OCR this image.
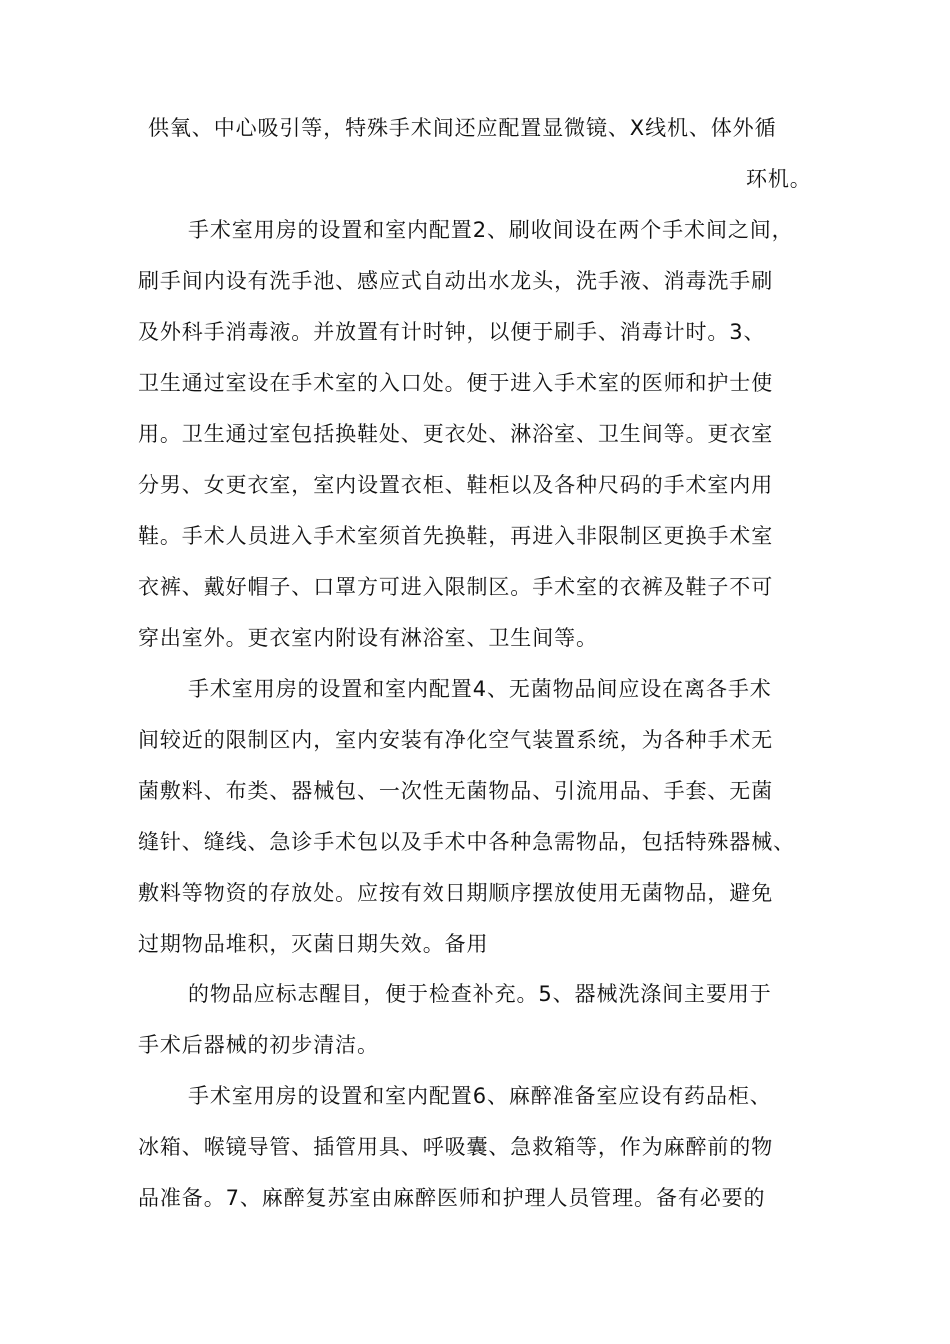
供氧、中心吸引等，特殊手术间还应配置显微镜、X线机、体外循
环机。
手术室用房的设置和室内配置2、刷收间设在两个手术间之间，
刷手间内设有洗手池、感应式自动出水龙头，洗手液、消毒洗手刷
及外科手消毒液。并放置有计时钟，以便于刷手、消毒计时。3、
卫生通过室设在手术室的入口处。便于进入手术室的医师和护士使
用。卫生通过室包括换鞋处、更衣处、淋浴室、卫生间等。更衣室
分男、女更衣室，室内设置衣柜、鞋柜以及各种尺码的手术室内用
鞋。手术人员进入手术室须首先换鞋，再进入非限制区更换手术室
衣裤、戴好帽子、口罩方可进入限制区。手术室的衣裤及鞋子不可
穿出室外。更衣室内附设有淋浴室、卫生间等。
手术室用房的设置和室内配置4、无菌物品间应设在离各手术
间较近的限制区内，室内安装有净化空气装置系统，为各种手术无
菌敷料、布类、器械包、一次性无菌物品、引流用品、手套、无菌
缝针、缝线、急诊手术包以及手术中各种急需物品，包括特殊器械、
敷料等物资的存放处。应按有效日期顺序摆放使用无菌物品，避免
过期物品堆积，灭菌日期失效。备用
的物品应标志醒目，便于检查补充。5、器械洗涤间主要用于
手术后器械的初步清洁。
手术室用房的设置和室内配置6、麻醉准备室应设有药品柜、
冰箱、喉镜导管、插管用具、呼吸囊、急救箱等，作为麻醉前的物
品准备。7、麻醉复苏室由麻醉医师和护理人员管理。备有必要的
